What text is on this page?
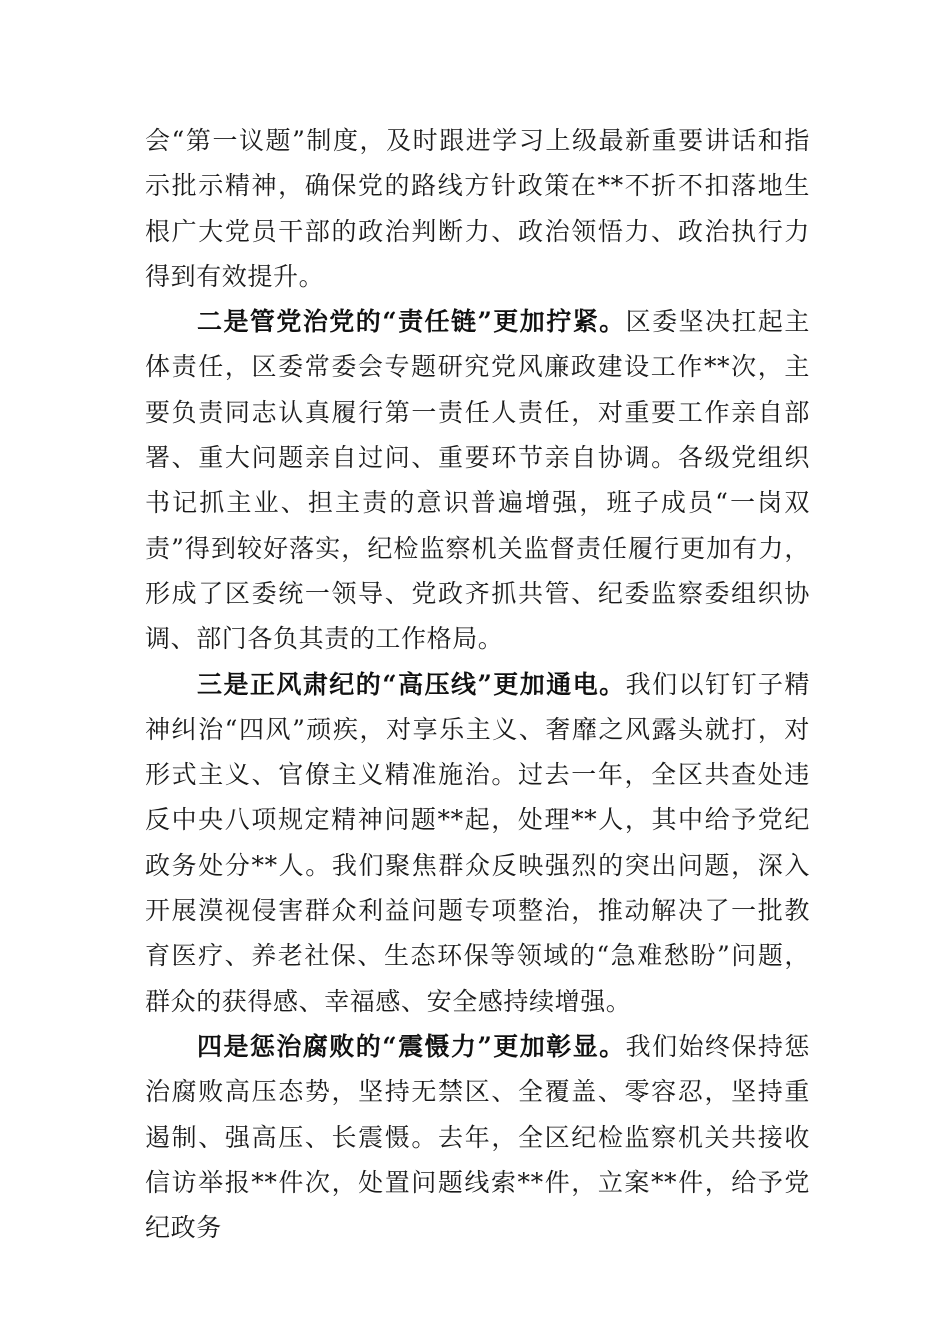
会“第一议题”制度，及时跟进学习上级最新重要讲话和指示批示精神，确保党的路线方针政策在**不折不扣落地生根广大党员干部的政治判断力、政治领悟力、政治执行力得到有效提升。

二是管党治党的“责任链”更加拧紧。区委坚决扛起主体责任，区委常委会专题研究党风廉政建设工作**次，主要负责同志认真履行第一责任人责任，对重要工作亲自部署、重大问题亲自过问、重要环节亲自协调。各级党组织书记抓主业、担主责的意识普遍增强，班子成员“一岗双责”得到较好落实，纪检监察机关监督责任履行更加有力，形成了区委统一领导、党政齐抓共管、纪委监察委组织协调、部门各负其责的工作格局。

三是正风肃纪的“高压线”更加通电。我们以钉钉子精神纠治“四风”顽疾，对享乐主义、奢靡之风露头就打，对形式主义、官僚主义精准施治。过去一年，全区共查处违反中央八项规定精神问题**起，处理**人，其中给予党纪政务处分**人。我们聚焦群众反映强烈的突出问题，深入开展漠视侵害群众利益问题专项整治，推动解决了一批教育医疗、养老社保、生态环保等领域的“急难愁盼”问题，群众的获得感、幸福感、安全感持续增强。

四是惩治腐败的“震慑力”更加彰显。我们始终保持惩治腐败高压态势，坚持无禁区、全覆盖、零容忍，坚持重遏制、强高压、长震慑。去年，全区纪检监察机关共接收信访举报**件次，处置问题线索**件，立案**件，给予党纪政务
